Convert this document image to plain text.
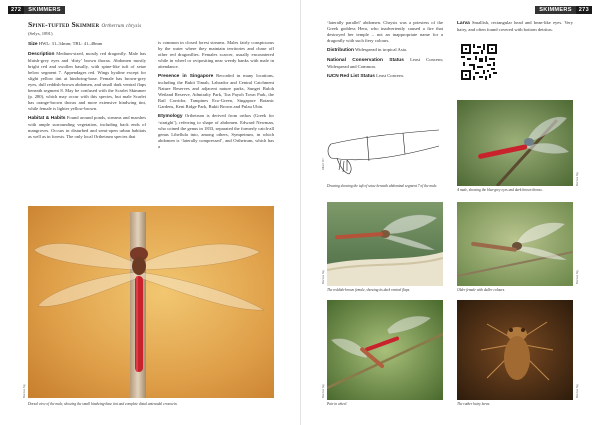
272 SKIMMERS
Spine-tufted Skimmer Orthetrum chrysis
(Selys, 1891)

Size HWL: 31–34mm; TBL: 41–48mm

Description Medium-sized, mostly red dragonfly. Male has bluish-grey eyes and ‘dirty’ brown thorax. Abdomen mostly bright red and swollen basally, with spine-like tuft of setae below segment 7. Appendages red. Wings hyaline except for slight yellow tint at hindwing-base. Female has brown-grey eyes, dull reddish-brown abdomen, and small dark ventral flaps beneath segment 8. May be confused with the Scarlet Skimmer (p. 280), which may occur with this species, but male Scarlet has orange-brown thorax and more extensive hindwing tint, while female is lighter yellow-brown.

Habitat & Habits Found around ponds, streams and marshes with ample surrounding vegetation, including back ends of mangroves. Occurs in disturbed and semi-open urban habitats as well as in forests. The only local Orthetrum species that

is common in closed forest streams. Males fairly conspicuous by the water where they maintain territories and chase off other red dragonflies. Females scarcer, usually encountered while in wheel or ovipositing near weedy banks with male in attendance.

Presence in Singapore Recorded in many locations, including the Bukit Timah, Labrador and Central Catchment Nature Reserves and adjacent nature parks, Sungei Buloh Wetland Reserve, Admiralty Park, Toa Payoh Town Park, the Rail Corridor, Tampines Eco-Green, Singapore Botanic Gardens, Kent Ridge Park, Bukit Brown and Pulau Ubin.

Etymology Orthetrum is derived from orthos (Greek for ‘straight’), referring to shape of abdomen. Edward Newman, who coined the genus in 1833, separated the formerly catch-all genus Libellula into, among others, Sympetrum, in which abdomen is ‘laterally compressed’, and Orthetrum, which has a

Dorsal view of the male, showing the small hindwing-base tint and complete distal antenodal crossvein.
Marcus Ng
SKIMMERS 273

‘laterally parallel’ abdomen. Chrysis was a priestess of the Greek goddess Hera, who inadvertently caused a fire that destroyed her temple – not an inappropriate name for a dragonfly with such fiery colours.

Distribution Widespread in tropical Asia.

National Conservation Status Least Concern; Widespread and Common.

IUCN Red List Status Least Concern.

Larva Smallish, rectangular head and bean-like eyes. Very hairy, and often found covered with bottom detritus.

Drawing showing the tuft of setae beneath abdominal segment 7 of the male.
Albert Orr
A male, showing the blue-grey eyes and dark brown thorax.
Marcus Ng
The reddish-brown female, showing its dark ventral flaps.
Marcus Ng
Older female with duller colours.
Marcus Ng
Pair in wheel.
Marcus Ng
The rather hairy larva.
Marcus Ng
